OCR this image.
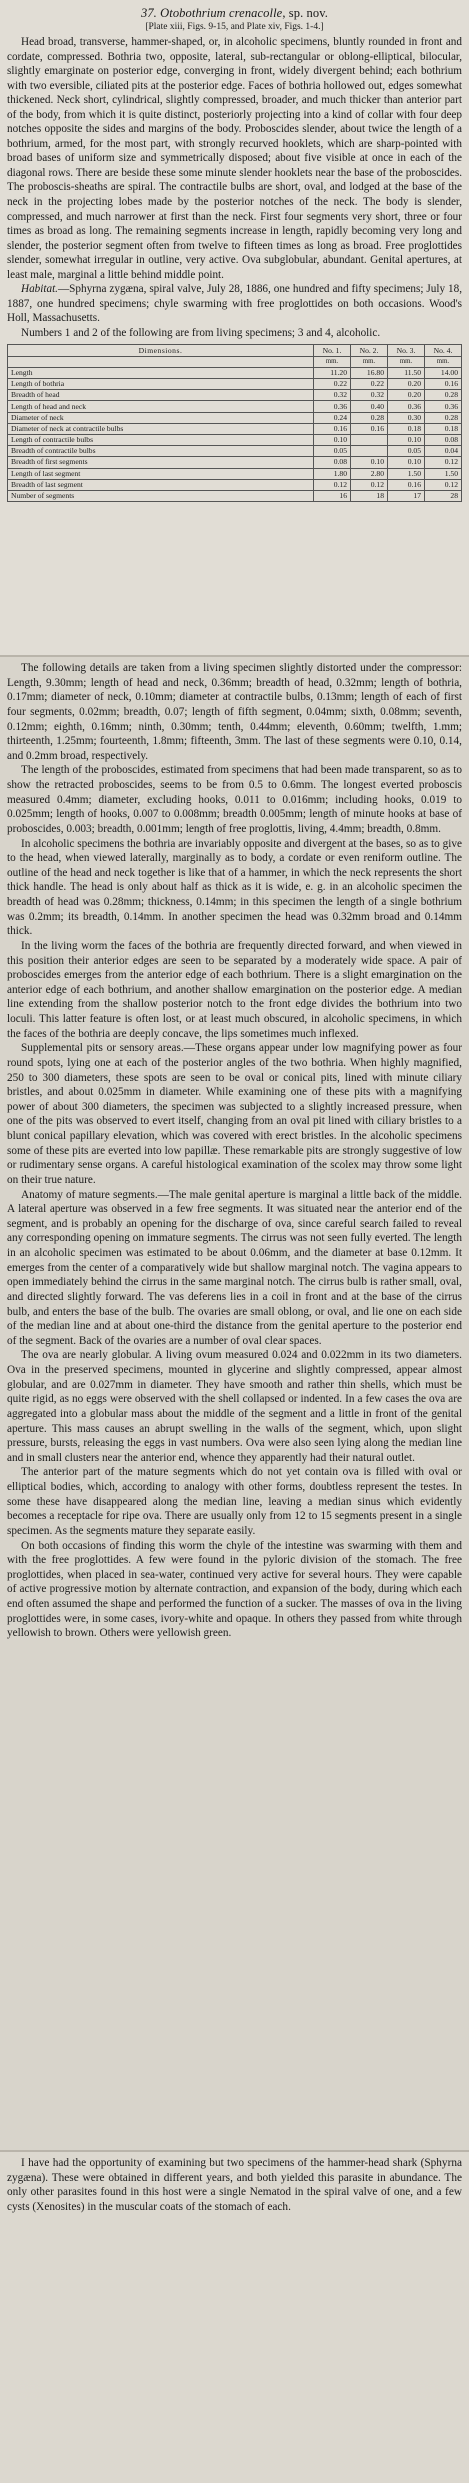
37. Otobothrium crenacolle, sp. nov.
[Plate xiii, Figs. 9-15, and Plate xiv, Figs. 1-4.]

Head broad, transverse, hammer-shaped, or, in alcoholic specimens, bluntly rounded in front and cordate, compressed. Bothria two, opposite, lateral, sub-rectangular or oblong-elliptical, bilocular, slightly emarginate on posterior edge, converging in front, widely divergent behind; each bothrium with two eversible, ciliated pits at the posterior edge. Faces of bothria hollowed out, edges somewhat thickened. Neck short, cylindrical, slightly compressed, broader, and much thicker than anterior part of the body, from which it is quite distinct, posteriorly projecting into a kind of collar with four deep notches opposite the sides and margins of the body. Proboscides slender, about twice the length of a bothrium, armed, for the most part, with strongly recurved hooklets, which are sharp-pointed with broad bases of uniform size and symmetrically disposed; about five visible at once in each of the diagonal rows. There are beside these some minute slender hooklets near the base of the proboscides. The proboscis-sheaths are spiral. The contractile bulbs are short, oval, and lodged at the base of the neck in the projecting lobes made by the posterior notches of the neck. The body is slender, compressed, and much narrower at first than the neck. First four segments very short, three or four times as broad as long. The remaining segments increase in length, rapidly becoming very long and slender, the posterior segment often from twelve to fifteen times as long as broad. Free proglottides slender, somewhat irregular in outline, very active. Ova subglobular, abundant. Genital apertures, at least male, marginal a little behind middle point.

Habitat.—Sphyrna zygæna, spiral valve, July 28, 1886, one hundred and fifty specimens; July 18, 1887, one hundred specimens; chyle swarming with free proglottides on both occasions. Wood's Holl, Massachusetts.

Numbers 1 and 2 of the following are from living specimens; 3 and 4, alcoholic.

Dimensions.	No. 1.	No. 2.	No. 3.	No. 4.
	mm.	mm.	mm.	mm.
Length	11.20	16.80	11.50	14.00
Length of bothria	0.22	0.22	0.20	0.16
Breadth of head	0.32	0.32	0.20	0.28
Length of head and neck	0.36	0.40	0.36	0.36
Diameter of neck	0.24	0.28	0.30	0.28
Diameter of neck at contractile bulbs	0.16	0.16	0.18	0.18
Length of contractile bulbs	0.10		0.10	0.08
Breadth of contractile bulbs	0.05		0.05	0.04
Breadth of first segments	0.08	0.10	0.10	0.12
Length of last segment	1.80	2.80	1.50	1.50
Breadth of last segment	0.12	0.12	0.16	0.12
Number of segments	16	18	17	28

The following details are taken from a living specimen slightly distorted under the compressor: Length, 9.30mm; length of head and neck, 0.36mm; breadth of head, 0.32mm; length of bothria, 0.17mm; diameter of neck, 0.10mm; diameter at contractile bulbs, 0.13mm; length of each of first four segments, 0.02mm; breadth, 0.07; length of fifth segment, 0.04mm; sixth, 0.08mm; seventh, 0.12mm; eighth, 0.16mm; ninth, 0.30mm; tenth, 0.44mm; eleventh, 0.60mm; twelfth, 1.mm; thirteenth, 1.25mm; fourteenth, 1.8mm; fifteenth, 3mm. The last of these segments were 0.10, 0.14, and 0.2mm broad, respectively.

The length of the proboscides, estimated from specimens that had been made transparent, so as to show the retracted proboscides, seems to be from 0.5 to 0.6mm. The longest everted proboscis measured 0.4mm; diameter, excluding hooks, 0.011 to 0.016mm; including hooks, 0.019 to 0.025mm; length of hooks, 0.007 to 0.008mm; breadth 0.005mm; length of minute hooks at base of proboscides, 0.003; breadth, 0.001mm; length of free proglottis, living, 4.4mm; breadth, 0.8mm.

In alcoholic specimens the bothria are invariably opposite and divergent at the bases, so as to give to the head, when viewed laterally, marginally as to body, a cordate or even reniform outline. The outline of the head and neck together is like that of a hammer, in which the neck represents the short thick handle. The head is only about half as thick as it is wide, e. g. in an alcoholic specimen the breadth of head was 0.28mm; thickness, 0.14mm; in this specimen the length of a single bothrium was 0.2mm; its breadth, 0.14mm. In another specimen the head was 0.32mm broad and 0.14mm thick.

In the living worm the faces of the bothria are frequently directed forward, and when viewed in this position their anterior edges are seen to be separated by a moderately wide space. A pair of proboscides emerges from the anterior edge of each bothrium. There is a slight emargination on the anterior edge of each bothrium, and another shallow emargination on the posterior edge. A median line extending from the shallow posterior notch to the front edge divides the bothrium into two loculi. This latter feature is often lost, or at least much obscured, in alcoholic specimens, in which the faces of the bothria are deeply concave, the lips sometimes much inflexed.

Supplemental pits or sensory areas.—These organs appear under low magnifying power as four round spots, lying one at each of the posterior angles of the two bothria. When highly magnified, 250 to 300 diameters, these spots are seen to be oval or conical pits, lined with minute ciliary bristles, and about 0.025mm in diameter. While examining one of these pits with a magnifying power of about 300 diameters, the specimen was subjected to a slightly increased pressure, when one of the pits was observed to evert itself, changing from an oval pit lined with ciliary bristles to a blunt conical papillary elevation, which was covered with erect bristles. In the alcoholic specimens some of these pits are everted into low papillæ. These remarkable pits are strongly suggestive of low or rudimentary sense organs. A careful histological examination of the scolex may throw some light on their true nature.

Anatomy of mature segments.—The male genital aperture is marginal a little back of the middle. A lateral aperture was observed in a few free segments. It was situated near the anterior end of the segment, and is probably an opening for the discharge of ova, since careful search failed to reveal any corresponding opening on immature segments. The cirrus was not seen fully everted. The length in an alcoholic specimen was estimated to be about 0.06mm, and the diameter at base 0.12mm. It emerges from the center of a comparatively wide but shallow marginal notch. The vagina appears to open immediately behind the cirrus in the same marginal notch. The cirrus bulb is rather small, oval, and directed slightly forward. The vas deferens lies in a coil in front and at the base of the cirrus bulb, and enters the base of the bulb. The ovaries are small oblong, or oval, and lie one on each side of the median line and at about one-third the distance from the genital aperture to the posterior end of the segment. Back of the ovaries are a number of oval clear spaces.

The ova are nearly globular. A living ovum measured 0.024 and 0.022mm in its two diameters. Ova in the preserved specimens, mounted in glycerine and slightly compressed, appear almost globular, and are 0.027mm in diameter. They have smooth and rather thin shells, which must be quite rigid, as no eggs were observed with the shell collapsed or indented. In a few cases the ova are aggregated into a globular mass about the middle of the segment and a little in front of the genital aperture. This mass causes an abrupt swelling in the walls of the segment, which, upon slight pressure, bursts, releasing the eggs in vast numbers. Ova were also seen lying along the median line and in small clusters near the anterior end, whence they apparently had their natural outlet.

The anterior part of the mature segments which do not yet contain ova is filled with oval or elliptical bodies, which, according to analogy with other forms, doubtless represent the testes. In some these have disappeared along the median line, leaving a median sinus which evidently becomes a receptacle for ripe ova. There are usually only from 12 to 15 segments present in a single specimen. As the segments mature they separate easily.

On both occasions of finding this worm the chyle of the intestine was swarming with them and with the free proglottides. A few were found in the pyloric division of the stomach. The free proglottides, when placed in sea-water, continued very active for several hours. They were capable of active progressive motion by alternate contraction, and expansion of the body, during which each end often assumed the shape and performed the function of a sucker. The masses of ova in the living proglottides were, in some cases, ivory-white and opaque. In others they passed from white through yellowish to brown. Others were yellowish green.

I have had the opportunity of examining but two specimens of the hammer-head shark (Sphyrna zygæna). These were obtained in different years, and both yielded this parasite in abundance. The only other parasites found in this host were a single Nematod in the spiral valve of one, and a few cysts (Xenosites) in the muscular coats of the stomach of each.
